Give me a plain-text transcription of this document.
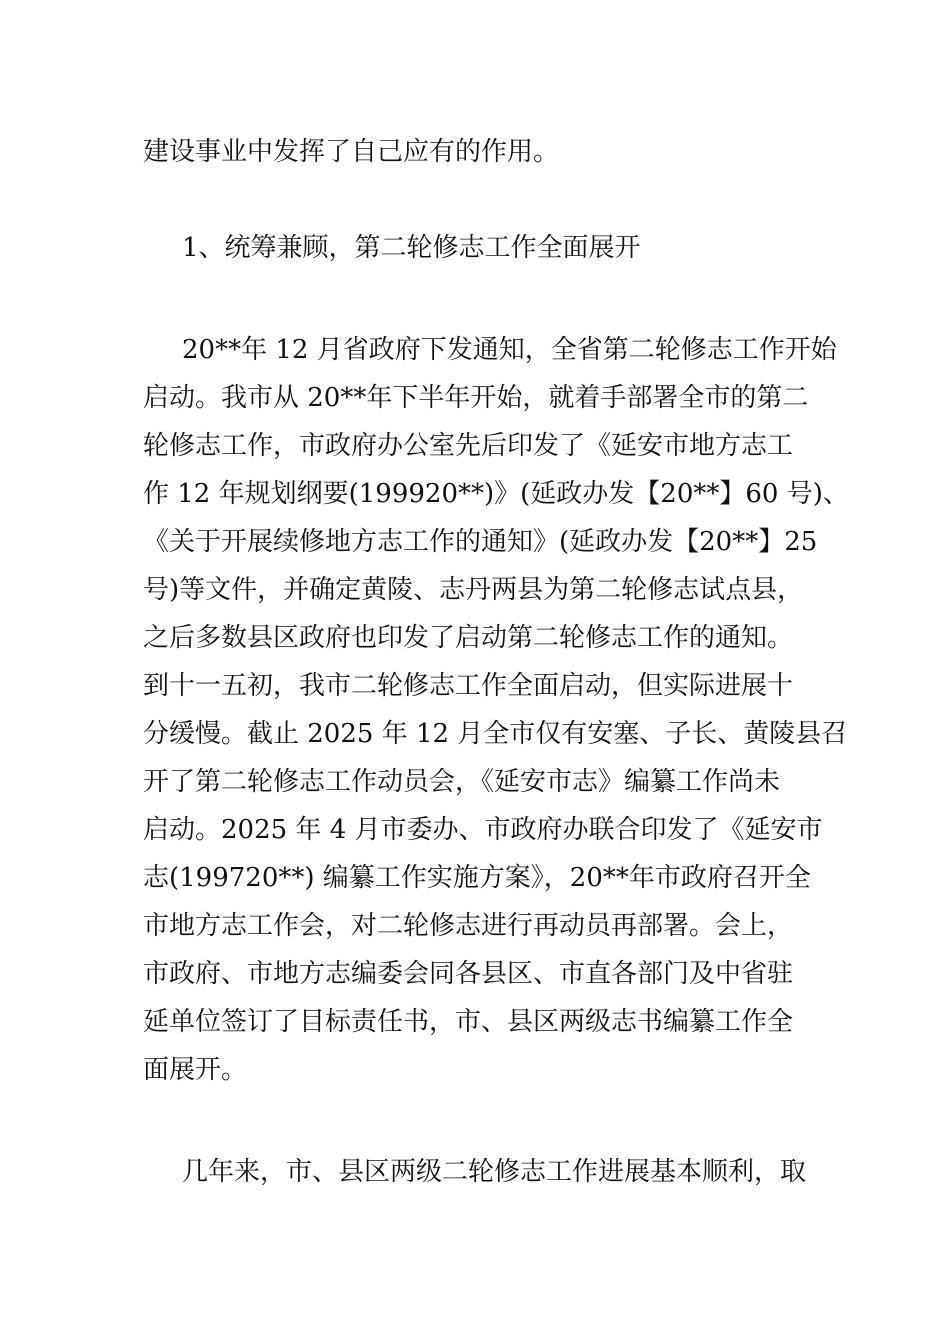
建设事业中发挥了自己应有的作用。
1、统筹兼顾，第二轮修志工作全面展开
20**年 12 月省政府下发通知，全省第二轮修志工作开始
启动。我市从 20**年下半年开始，就着手部署全市的第二
轮修志工作，市政府办公室先后印发了《延安市地方志工
作 12 年规划纲要(199920**)》(延政办发【20**】60 号)、
《关于开展续修地方志工作的通知》(延政办发【20**】25
号)等文件，并确定黄陵、志丹两县为第二轮修志试点县，
之后多数县区政府也印发了启动第二轮修志工作的通知。
到十一五初，我市二轮修志工作全面启动，但实际进展十
分缓慢。截止 2025 年 12 月全市仅有安塞、子长、黄陵县召
开了第二轮修志工作动员会，《延安市志》编纂工作尚未
启动。2025 年 4 月市委办、市政府办联合印发了《延安市
志(199720**) 编纂工作实施方案》，20**年市政府召开全
市地方志工作会，对二轮修志进行再动员再部署。会上，
市政府、市地方志编委会同各县区、市直各部门及中省驻
延单位签订了目标责任书，市、县区两级志书编纂工作全
面展开。
几年来，市、县区两级二轮修志工作进展基本顺利，取
